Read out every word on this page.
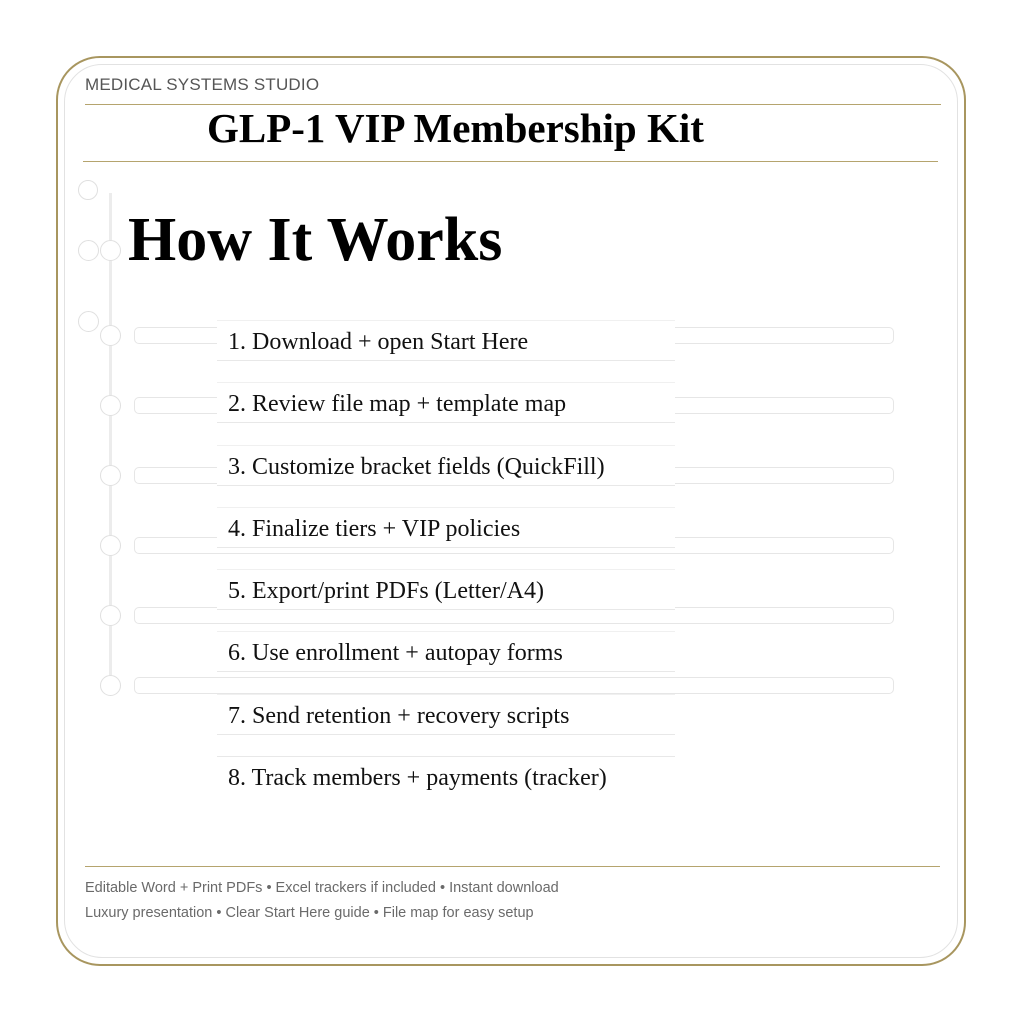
MEDICAL SYSTEMS STUDIO
GLP-1 VIP Membership Kit
How It Works
1. Download + open Start Here
2. Review file map + template map
3. Customize bracket fields (QuickFill)
4. Finalize tiers + VIP policies
5. Export/print PDFs (Letter/A4)
6. Use enrollment + autopay forms
7. Send retention + recovery scripts
8. Track members + payments (tracker)
Editable Word + Print PDFs • Excel trackers if included • Instant download
Luxury presentation • Clear Start Here guide • File map for easy setup
